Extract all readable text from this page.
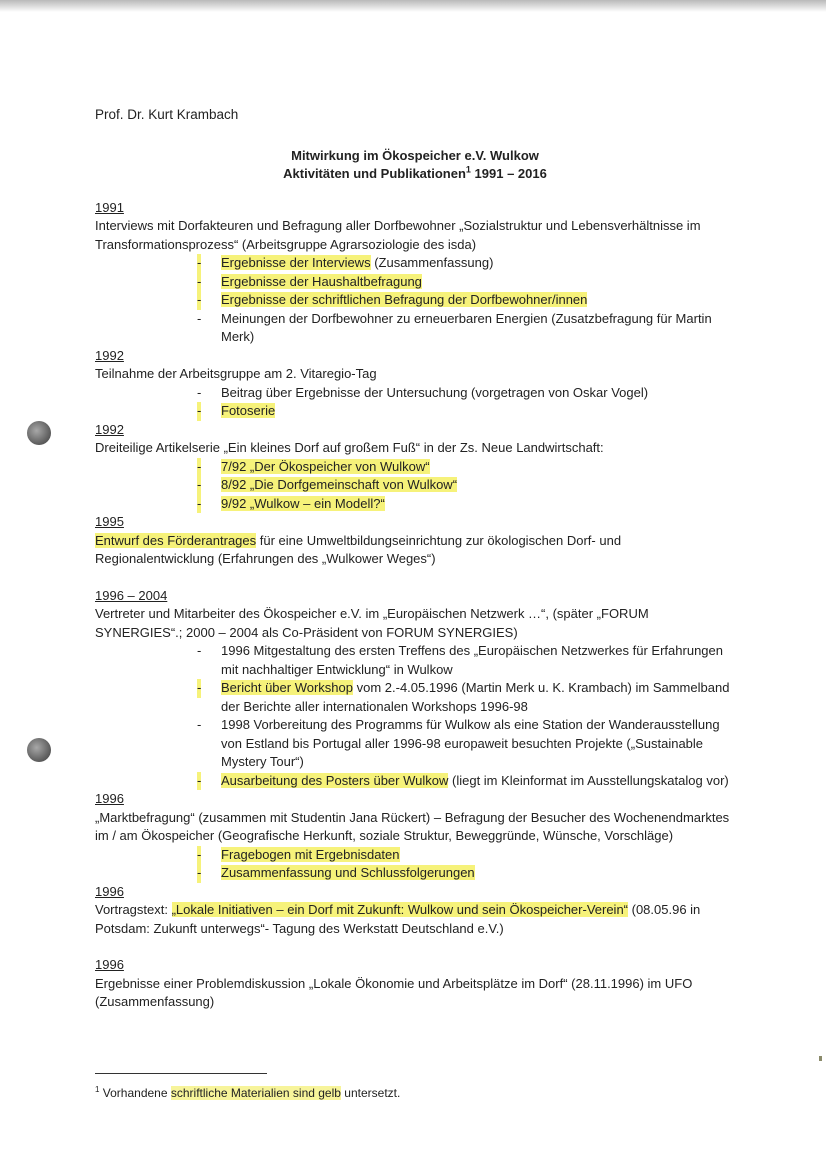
Prof. Dr. Kurt Krambach

Mitwirkung im Ökospeicher e.V. Wulkow
Aktivitäten und Publikationen$^1$ 1991 – 2016
1991

Interviews mit Dorfakteuren und Befragung aller Dorfbewohner „Sozialstruktur und Lebensverhältnisse im Transformationsprozess“ (Arbeitsgruppe Agrarsoziologie des isda)

- Ergebnisse der Interviews (Zusammenfassung)
- Ergebnisse der Haushaltbefragung
- Ergebnisse der schriftlichen Befragung der Dorfbewohner/innen
- Meinungen der Dorfbewohner zu erneuerbaren Energien (Zusatzbefragung für Martin Merk)
1992

Teilnahme der Arbeitsgruppe am 2. Vitaregio-Tag

- Beitrag über Ergebnisse der Untersuchung (vorgetragen von Oskar Vogel)
- Fotoserie
1992

Dreiteilige Artikelserie „Ein kleines Dorf auf großem Fuß“ in der Zs. Neue Landwirtschaft:

- 7/92 „Der Ökospeicher von Wulkow“
- 8/92 „Die Dorfgemeinschaft von Wulkow“
- 9/92 „Wulkow – ein Modell?“
1995

Entwurf des Förderantrages für eine Umweltbildungseinrichtung zur ökologischen Dorf- und Regionalentwicklung (Erfahrungen des „Wulkower Weges“)

1996 – 2004

Vertreter und Mitarbeiter des Ökospeicher e.V. im „Europäischen Netzwerk …“, (später „FORUM SYNERGIES“.; 2000 – 2004 als Co-Präsident von FORUM SYNERGIES)

- 1996 Mitgestaltung des ersten Treffens des „Europäischen Netzwerkes für Erfahrungen mit nachhaltiger Entwicklung“ in Wulkow
- Bericht über Workshop vom 2.-4.05.1996 (Martin Merk u. K. Krambach) im Sammelband der Berichte aller internationalen Workshops 1996-98
- 1998 Vorbereitung des Programms für Wulkow als eine Station der Wanderausstellung von Estland bis Portugal aller 1996-98 europaweit besuchten Projekte („Sustainable Mystery Tour“)
- Ausarbeitung des Posters über Wulkow (liegt im Kleinformat im Ausstellungskatalog vor)
1996

„Marktbefragung“ (zusammen mit Studentin Jana Rückert) – Befragung der Besucher des Wochenendmarktes im / am Ökospeicher (Geografische Herkunft, soziale Struktur, Beweggründe, Wünsche, Vorschläge)

- Fragebogen mit Ergebnisdaten
- Zusammenfassung und Schlussfolgerungen
1996

Vortragstext: „Lokale Initiativen – ein Dorf mit Zukunft: Wulkow und sein Ökospeicher-Verein“ (08.05.96 in Potsdam: Zukunft unterwegs“- Tagung des Werkstatt Deutschland e.V.)

1996

Ergebnisse einer Problemdiskussion „Lokale Ökonomie und Arbeitsplätze im Dorf“ (28.11.1996) im UFO (Zusammenfassung)

$^1$ Vorhandene schriftliche Materialien sind gelb untersetzt.
